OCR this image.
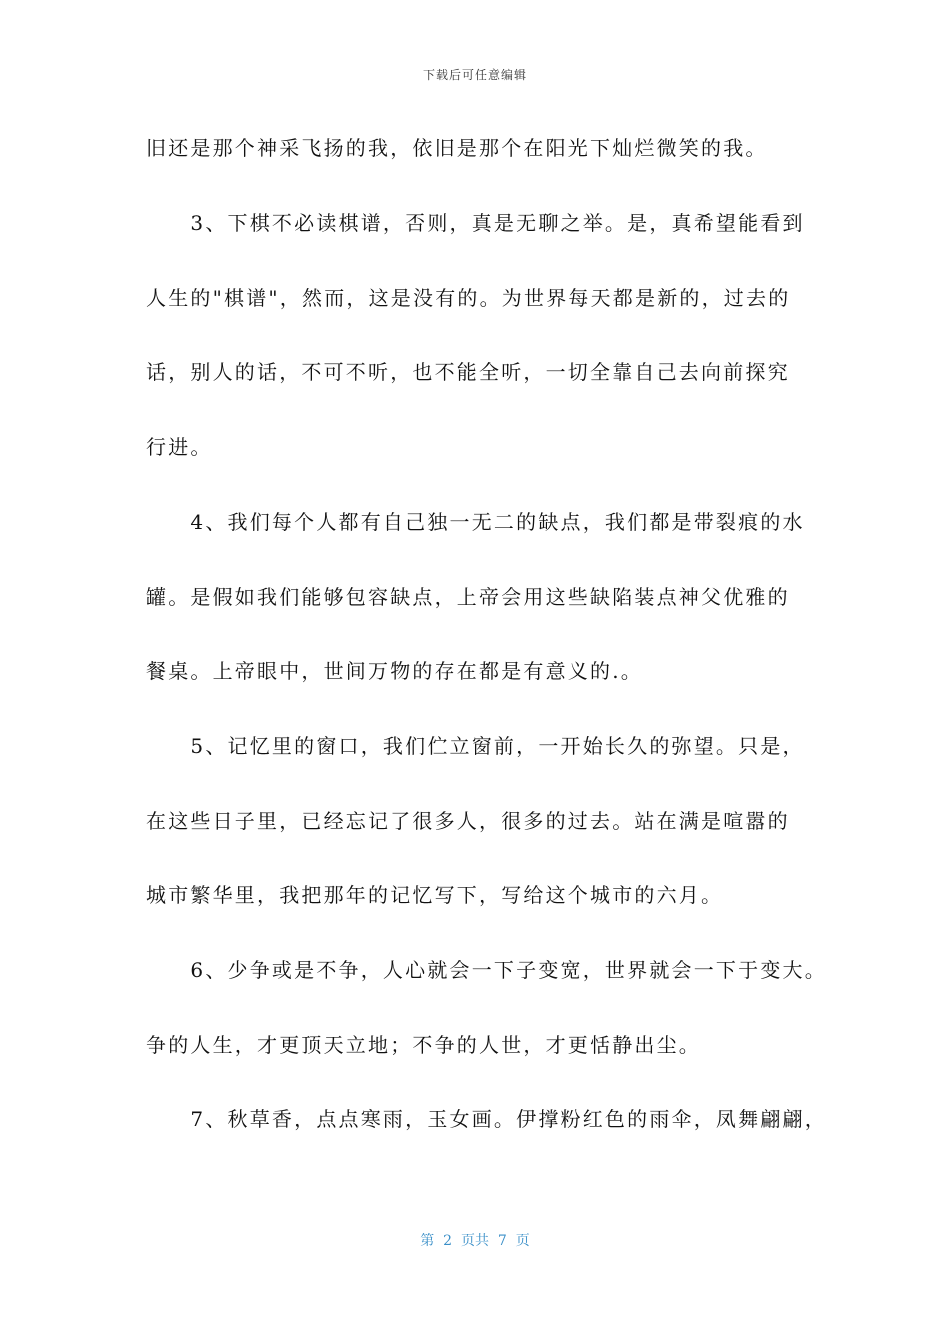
下载后可任意编辑
旧还是那个神采飞扬的我，依旧是那个在阳光下灿烂微笑的我。
　　3、下棋不必读棋谱，否则，真是无聊之举。是，真希望能看到
人生的"棋谱"，然而，这是没有的。为世界每天都是新的，过去的
话，别人的话，不可不听，也不能全听，一切全靠自己去向前探究
行进。
　　4、我们每个人都有自己独一无二的缺点，我们都是带裂痕的水
罐。是假如我们能够包容缺点，上帝会用这些缺陷装点神父优雅的
餐桌。上帝眼中，世间万物的存在都是有意义的.。
　　5、记忆里的窗口，我们伫立窗前，一开始长久的弥望。只是，
在这些日子里，已经忘记了很多人，很多的过去。站在满是喧嚣的
城市繁华里，我把那年的记忆写下，写给这个城市的六月。
　　6、少争或是不争，人心就会一下子变宽，世界就会一下于变大。
争的人生，才更顶天立地；不争的人世，才更恬静出尘。
　　7、秋草香，点点寒雨，玉女画。伊撑粉红色的雨伞，凤舞翩翩，
第  2  页共  7  页
